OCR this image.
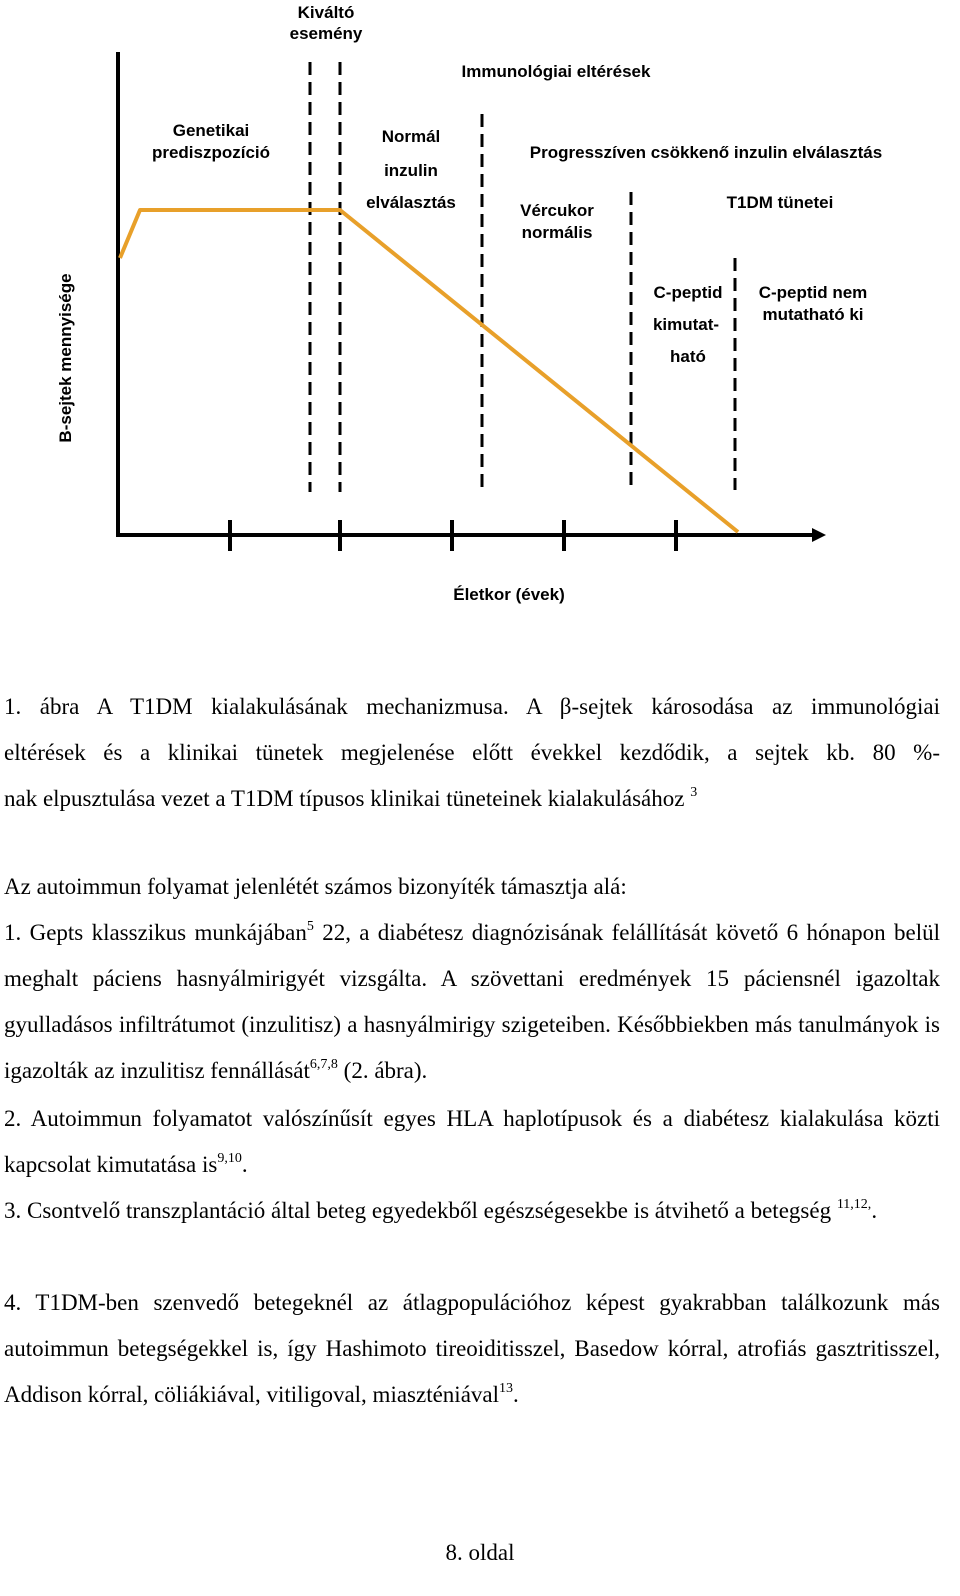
Kiváltó
esemény
Immunológiai eltérések
Genetikai
prediszpozíció
Normál
inzulin
elválasztás
Progresszíven csökkenő inzulin elválasztás
Vércukor
normális
T1DM tünetei
C-peptid
kimutat-
ható
C-peptid nem
mutatható ki
B-sejtek mennyisége
Életkor (évek)
1. ábra A T1DM kialakulásának mechanizmusa. A β-sejtek károsodása az immunológiai
eltérések és a klinikai tünetek megjelenése előtt évekkel kezdődik, a sejtek kb. 80 %-
nak elpusztulása vezet a T1DM típusos klinikai tüneteinek kialakulásához $^3$

Az autoimmun folyamat jelenlétét számos bizonyíték támasztja alá:

1. Gepts klasszikus munkájában$^5$ 22, a diabétesz diagnózisának felállítását követő 6 hónapon belül meghalt páciens hasnyálmirigyét vizsgálta. A szövettani eredmények 15 páciensnél igazoltak gyulladásos infiltrátumot (inzulitisz) a hasnyálmirigy szigeteiben. Későbbiekben más tanulmányok is igazolták az inzulitisz fennállását$^{6,7,8}$ (2. ábra).

2. Autoimmun folyamatot valószínűsít egyes HLA haplotípusok és a diabétesz kialakulása közti kapcsolat kimutatása is$^{9,10}$.

3. Csontvelő transzplantáció által beteg egyedekből egészségesekbe is átvihető a betegség $^{11,12,}$.

4. T1DM-ben szenvedő betegeknél az átlagpopulációhoz képest gyakrabban találkozunk más autoimmun betegségekkel is, így Hashimoto tireoiditisszel, Basedow kórral, atrofiás gasztritisszel, Addison kórral, cöliákiával, vitiligoval, miaszténiával$^{13}$.

8. oldal
